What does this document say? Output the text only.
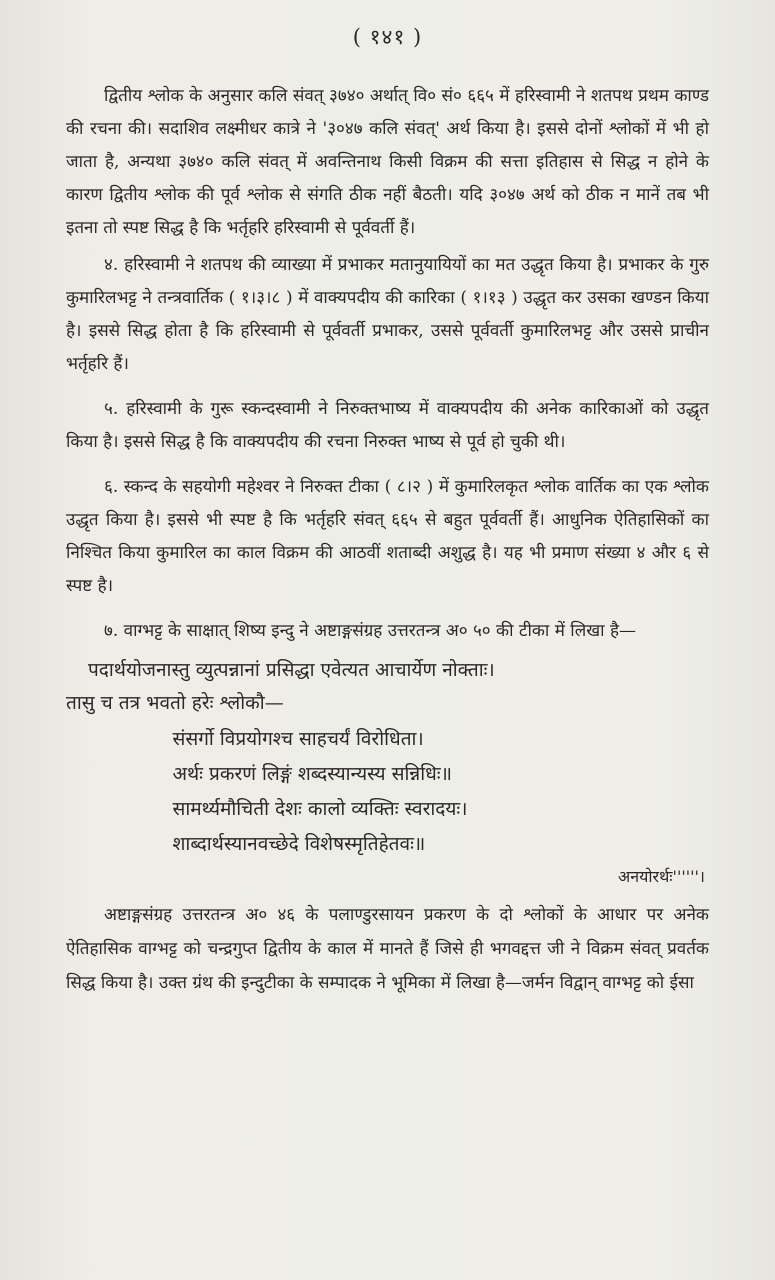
( १४१ )

द्वितीय श्लोक के अनुसार कलि संवत् ३७४० अर्थात् वि० सं० ६६५ में हरिस्वामी ने शतपथ प्रथम काण्ड की रचना की। सदाशिव लक्ष्मीधर कात्रे ने '३०४७ कलि संवत्' अर्थ किया है। इससे दोनों श्लोकों में भी हो जाता है, अन्यथा ३७४० कलि संवत् में अवन्तिनाथ किसी विक्रम की सत्ता इतिहास से सिद्ध न होने के कारण द्वितीय श्लोक की पूर्व श्लोक से संगति ठीक नहीं बैठती। यदि ३०४७ अर्थ को ठीक न मानें तब भी इतना तो स्पष्ट सिद्ध है कि भर्तृहरि हरिस्वामी से पूर्ववर्ती हैं।

४. हरिस्वामी ने शतपथ की व्याख्या में प्रभाकर मतानुयायियों का मत उद्धृत किया है। प्रभाकर के गुरु कुमारिलभट्ट ने तन्त्रवार्तिक ( १।३।८ ) में वाक्यपदीय की कारिका ( १।१३ ) उद्धृत कर उसका खण्डन किया है। इससे सिद्ध होता है कि हरिस्वामी से पूर्ववर्ती प्रभाकर, उससे पूर्ववर्ती कुमारिलभट्ट और उससे प्राचीन भर्तृहरि हैं।

५. हरिस्वामी के गुरू स्कन्दस्वामी ने निरुक्तभाष्य में वाक्यपदीय की अनेक कारिकाओं को उद्धृत किया है। इससे सिद्ध है कि वाक्यपदीय की रचना निरुक्त भाष्य से पूर्व हो चुकी थी।

६. स्कन्द के सहयोगी महेश्वर ने निरुक्त टीका ( ८।२ ) में कुमारिलकृत श्लोक वार्तिक का एक श्लोक उद्धृत किया है। इससे भी स्पष्ट है कि भर्तृहरि संवत् ६६५ से बहुत पूर्ववर्ती हैं। आधुनिक ऐतिहासिकों का निश्चित किया कुमारिल का काल विक्रम की आठवीं शताब्दी अशुद्ध है। यह भी प्रमाण संख्या ४ और ६ से स्पष्ट है।

७. वाग्भट्ट के साक्षात् शिष्य इन्दु ने अष्टाङ्गसंग्रह उत्तरतन्त्र अ० ५० की टीका में लिखा है—

पदार्थयोजनास्तु व्युत्पन्नानां प्रसिद्धा एवेत्यत आचार्येण नोक्ताः।

तासु च तत्र भवतो हरेः श्लोकौ—

संसर्गो विप्रयोगश्च साहचर्यं विरोधिता।

अर्थः प्रकरणं लिङ्गं शब्दस्यान्यस्य सन्निधिः॥

सामर्थ्यमौचिती देशः कालो व्यक्तिः स्वरादयः।

शाब्दार्थस्यानवच्छेदे विशेषस्मृतिहेतवः॥

अनयोरर्थः''''''।

अष्टाङ्गसंग्रह उत्तरतन्त्र अ० ४६ के पलाण्डुरसायन प्रकरण के दो श्लोकों के आधार पर अनेक ऐतिहासिक वाग्भट्ट को चन्द्रगुप्त द्वितीय के काल में मानते हैं जिसे ही भगवद्दत्त जी ने विक्रम संवत् प्रवर्तक सिद्ध किया है। उक्त ग्रंथ की इन्दुटीका के सम्पादक ने भूमिका में लिखा है—जर्मन विद्वान् वाग्भट्ट को ईसा
